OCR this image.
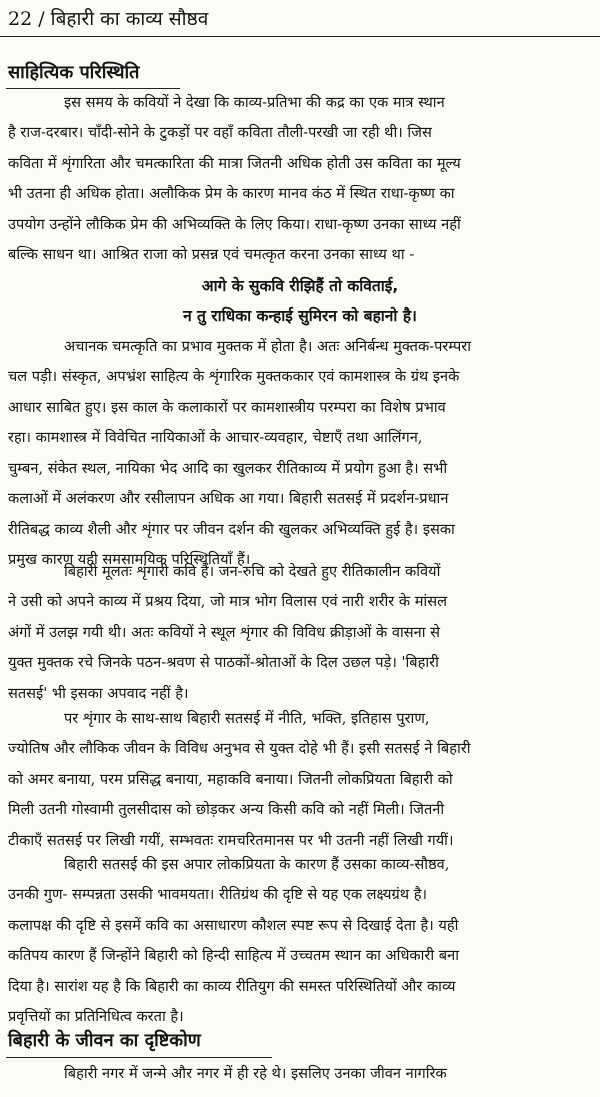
22 / बिहारी का काव्य सौष्ठव
साहित्यिक परिस्थिति
इस समय के कवियों ने देखा कि काव्य-प्रतिभा की कद्र का एक मात्र स्थान
है राज-दरबार। चाँदी-सोने के टुकड़ों पर वहाँ कविता तौली-परखी जा रही थी। जिस
कविता में शृंगारिता और चमत्कारिता की मात्रा जितनी अधिक होती उस कविता का मूल्य
भी उतना ही अधिक होता। अलौकिक प्रेम के कारण मानव कंठ में स्थित राधा-कृष्ण का
उपयोग उन्होंने लौकिक प्रेम की अभिव्यक्ति के लिए किया। राधा-कृष्ण उनका साध्य नहीं
बल्कि साधन था। आश्रित राजा को प्रसन्न एवं चमत्कृत करना उनका साध्य था -
आगे के सुकवि रीझिहैं तो कविताई,
न तु राधिका कन्हाई सुमिरन को बहानो है।
अचानक चमत्कृति का प्रभाव मुक्तक में होता है। अतः अनिर्बन्ध मुक्तक-परम्परा
चल पड़ी। संस्कृत, अपभ्रंश साहित्य के शृंगारिक मुक्तककार एवं कामशास्त्र के ग्रंथ इनके
आधार साबित हुए। इस काल के कलाकारों पर कामशास्त्रीय परम्परा का विशेष प्रभाव
रहा। कामशास्त्र में विवेचित नायिकाओं के आचार-व्यवहार, चेष्टाएँ तथा आलिंगन,
चुम्बन, संकेत स्थल, नायिका भेद आदि का खुलकर रीतिकाव्य में प्रयोग हुआ है। सभी
कलाओं में अलंकरण और रसीलापन अधिक आ गया। बिहारी सतसई में प्रदर्शन-प्रधान
रीतिबद्ध काव्य शैली और शृंगार पर जीवन दर्शन की खुलकर अभिव्यक्ति हुई है। इसका
प्रमुख कारण यही समसामयिक परिस्थितियाँ हैं।
बिहारी मूलतः शृंगारी कवि हैं। जन-रुचि को देखते हुए रीतिकालीन कवियों
ने उसी को अपने काव्य में प्रश्रय दिया, जो मात्र भोग विलास एवं नारी शरीर के मांसल
अंगों में उलझ गयी थी। अतः कवियों ने स्थूल शृंगार की विविध क्रीड़ाओं के वासना से
युक्त मुक्तक रचे जिनके पठन-श्रवण से पाठकों-श्रोताओं के दिल उछल पड़े। 'बिहारी
सतसई' भी इसका अपवाद नहीं है।
पर शृंगार के साथ-साथ बिहारी सतसई में नीति, भक्ति, इतिहास पुराण,
ज्योतिष और लौकिक जीवन के विविध अनुभव से युक्त दोहे भी हैं। इसी सतसई ने बिहारी
को अमर बनाया, परम प्रसिद्ध बनाया, महाकवि बनाया। जितनी लोकप्रियता बिहारी को
मिली उतनी गोस्वामी तुलसीदास को छोड़कर अन्य किसी कवि को नहीं मिली। जितनी
टीकाएँ सतसई पर लिखी गयीं, सम्भवतः रामचरितमानस पर भी उतनी नहीं लिखी गयीं।
बिहारी सतसई की इस अपार लोकप्रियता के कारण हैं उसका काव्य-सौष्ठव,
उनकी गुण- सम्पन्नता उसकी भावमयता। रीतिग्रंथ की दृष्टि से यह एक लक्ष्यग्रंथ है।
कलापक्ष की दृष्टि से इसमें कवि का असाधारण कौशल स्पष्ट रूप से दिखाई देता है। यही
कतिपय कारण हैं जिन्होंने बिहारी को हिन्दी साहित्य में उच्चतम स्थान का अधिकारी बना
दिया है। सारांश यह है कि बिहारी का काव्य रीतियुग की समस्त परिस्थितियों और काव्य
प्रवृत्तियों का प्रतिनिधित्व करता है।
बिहारी के जीवन का दृष्टिकोण
बिहारी नगर में जन्मे और नगर में ही रहे थे। इसलिए उनका जीवन नागरिक
